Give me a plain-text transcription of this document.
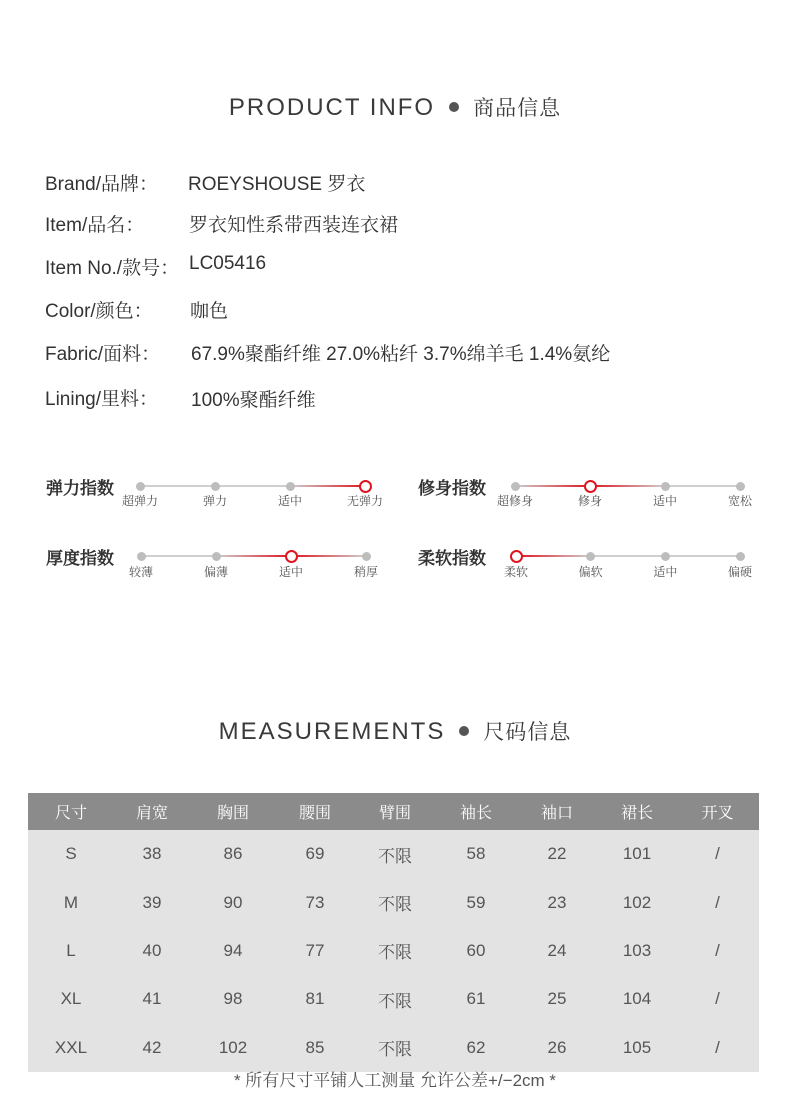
PRODUCT INFO 商品信息
Brand/品牌： ROEYSHOUSE 罗衣
Item/品名： 罗衣知性系带西装连衣裙
Item No./款号： LC05416
Color/颜色： 咖色
Fabric/面料： 67.9%聚酯纤维 27.0%粘纤 3.7%绵羊毛 1.4%氨纶
Lining/里料： 100%聚酯纤维
弹力指数
超弹力	弹力	适中	无弹力
修身指数
超修身	修身	适中	宽松
厚度指数
较薄	偏薄	适中	稍厚
柔软指数
柔软	偏软	适中	偏硬
MEASUREMENTS 尺码信息
尺寸	肩宽	胸围	腰围	臂围	袖长	袖口	裙长	开叉
S	38	86	69	不限	58	22	101	/
M	39	90	73	不限	59	23	102	/
L	40	94	77	不限	60	24	103	/
XL	41	98	81	不限	61	25	104	/
XXL	42	102	85	不限	62	26	105	/
* 所有尺寸平铺人工测量 允许公差+/−2cm *
